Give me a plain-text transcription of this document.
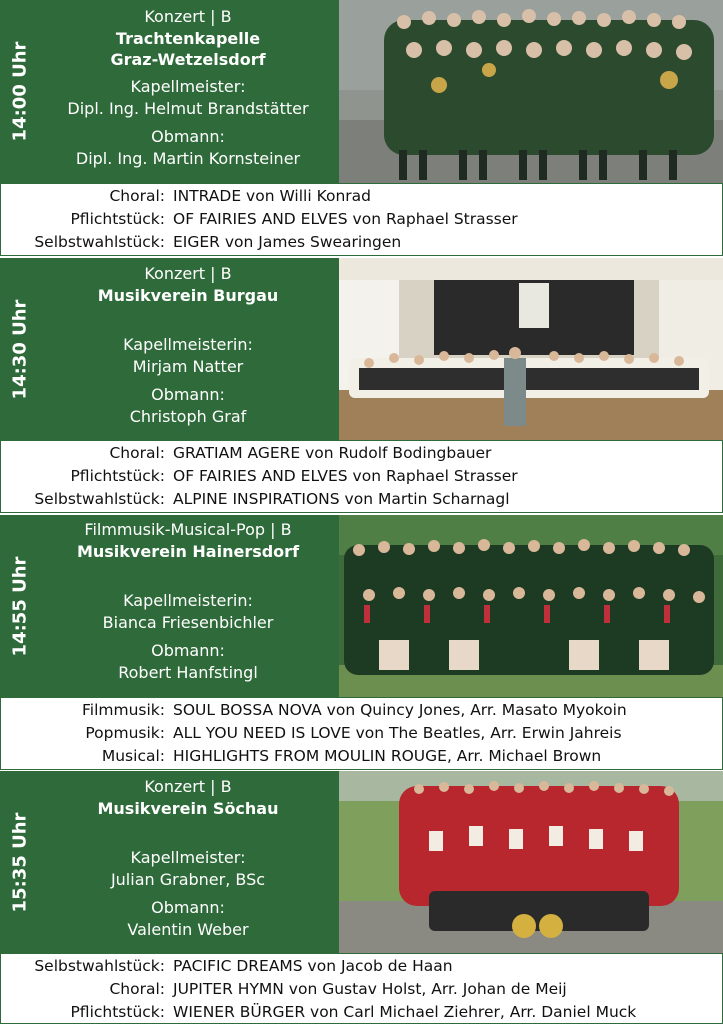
14:00 Uhr
Konzert | B
Trachtenkapelle
Graz-Wetzelsdorf
Kapellmeister:
Dipl. Ing. Helmut Brandstätter
Obmann:
Dipl. Ing. Martin Kornsteiner
Choral: INTRADE von Willi Konrad
Pflichtstück: OF FAIRIES AND ELVES von Raphael Strasser
Selbstwahlstück: EIGER von James Swearingen
14:30 Uhr
Konzert | B
Musikverein Burgau
Kapellmeisterin:
Mirjam Natter
Obmann:
Christoph Graf
Choral: GRATIAM AGERE von Rudolf Bodingbauer
Pflichtstück: OF FAIRIES AND ELVES von Raphael Strasser
Selbstwahlstück: ALPINE INSPIRATIONS von Martin Scharnagl
14:55 Uhr
Filmmusik-Musical-Pop | B
Musikverein Hainersdorf
Kapellmeisterin:
Bianca Friesenbichler
Obmann:
Robert Hanfstingl
Filmmusik: SOUL BOSSA NOVA von Quincy Jones, Arr. Masato Myokoin
Popmusik: ALL YOU NEED IS LOVE von The Beatles, Arr. Erwin Jahreis
Musical: HIGHLIGHTS FROM MOULIN ROUGE, Arr. Michael Brown
15:35 Uhr
Konzert | B
Musikverein Söchau
Kapellmeister:
Julian Grabner, BSc
Obmann:
Valentin Weber
Selbstwahlstück: PACIFIC DREAMS von Jacob de Haan
Choral: JUPITER HYMN von Gustav Holst, Arr. Johan de Meij
Pflichtstück: WIENER BÜRGER von Carl Michael Ziehrer, Arr. Daniel Muck
